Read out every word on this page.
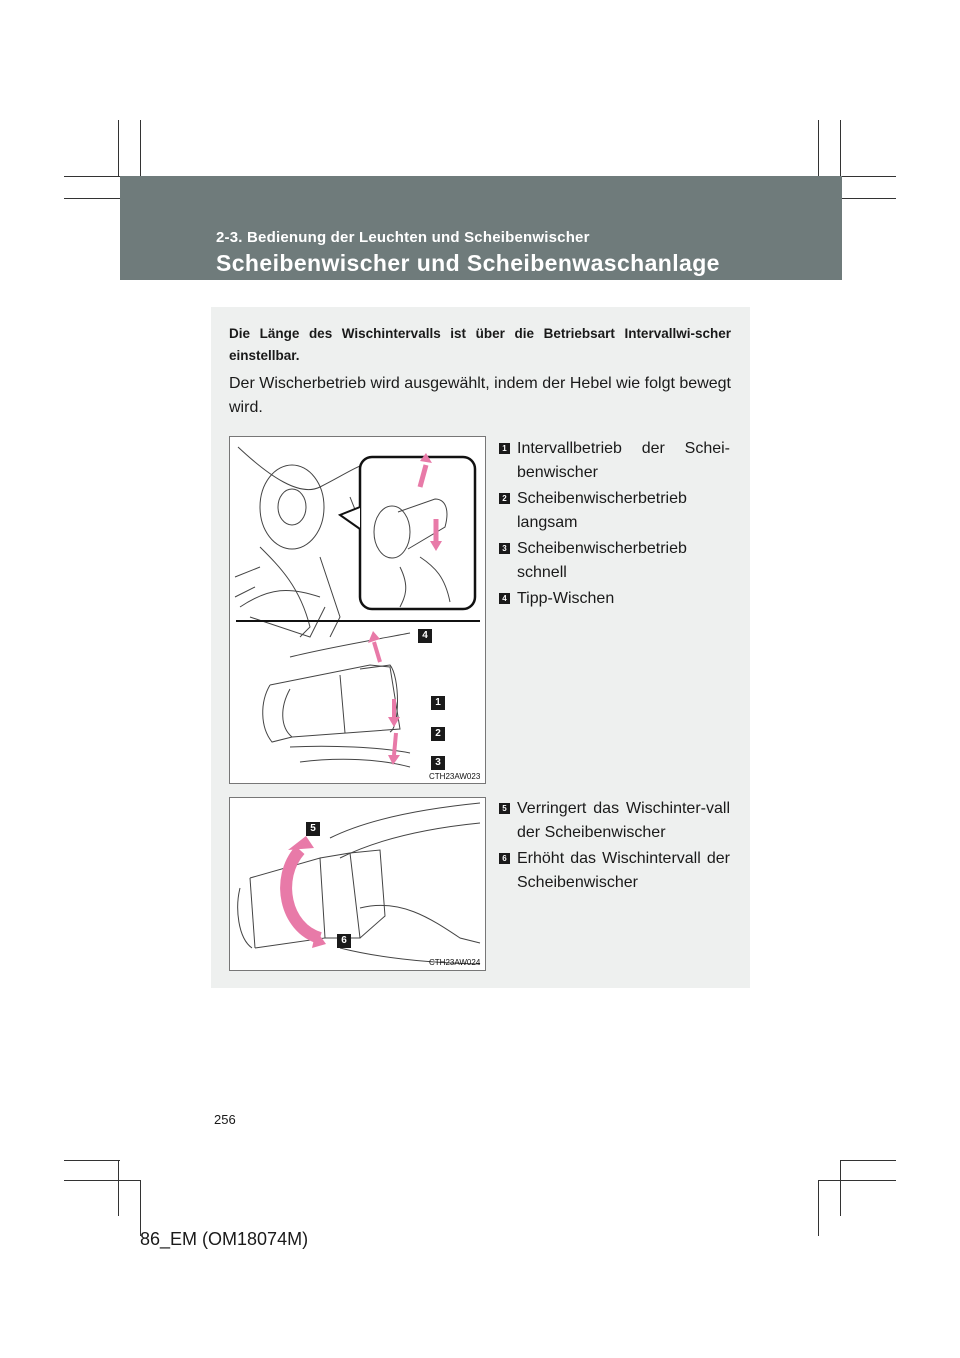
2-3. Bedienung der Leuchten und Scheibenwischer
Scheibenwischer und Scheibenwaschanlage
Die Länge des Wischintervalls ist über die Betriebsart Intervallwi-scher einstellbar.
Der Wischerbetrieb wird ausgewählt, indem der Hebel wie folgt bewegt wird.
4
1
2
3
CTH23AW023
1 Intervallbetrieb der Schei-benwischer
2 Scheibenwischerbetrieb langsam
3 Scheibenwischerbetrieb schnell
4 Tipp-Wischen
5
6
CTH23AW024
5 Verringert das Wischinter-vall der Scheibenwischer
6 Erhöht das Wischintervall der Scheibenwischer
256
86_EM (OM18074M)
